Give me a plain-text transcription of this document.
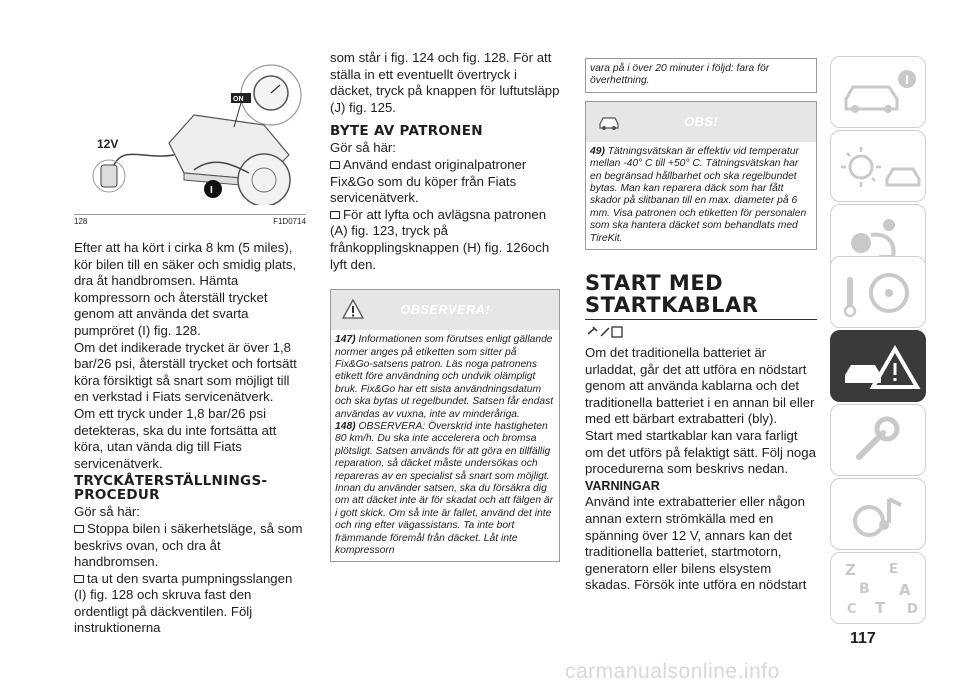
ON
12V
I
128	F1D0714

Efter att ha kört i cirka 8 km (5 miles), kör bilen till en säker och smidig plats, dra åt handbromsen. Hämta kompressorn och återställ trycket genom att använda det svarta pumpröret (I) fig. 128.

Om det indikerade trycket är över 1,8 bar/26 psi, återställ trycket och fortsätt köra försiktigt så snart som möjligt till en verkstad i Fiats servicenätverk.

Om ett tryck under 1,8 bar/26 psi detekteras, ska du inte fortsätta att köra, utan vända dig till Fiats servicenätverk.

TRYCKÅTERSTÄLLNINGS-PROCEDUR

Gör så här:

Stoppa bilen i säkerhetsläge, så som beskrivs ovan, och dra åt handbromsen.

ta ut den svarta pumpningsslangen (I) fig. 128 och skruva fast den ordentligt på däckventilen. Följ instruktionerna

som står i fig. 124 och fig. 128. För att ställa in ett eventuellt övertryck i däcket, tryck på knappen för luftutsläpp (J) fig. 125.

BYTE AV PATRONEN

Gör så här:

Använd endast originalpatroner Fix&Go som du köper från Fiats servicenätverk.

För att lyfta och avlägsna patronen (A) fig. 123, tryck på frånkopplingsknappen (H) fig. 126och lyft den.

OBSERVERA!
147) Informationen som förutses enligt gällande normer anges på etiketten som sitter på Fix&Go-satsens patron. Läs noga patronens etikett före användning och undvik olämpligt bruk. Fix&Go har ett sista användningsdatum och ska bytas ut regelbundet. Satsen får endast användas av vuxna, inte av minderåriga.
148) OBSERVERA: Överskrid inte hastigheten 80 km/h. Du ska inte accelerera och bromsa plötsligt. Satsen används för att göra en tillfällig reparation, så däcket måste undersökas och repareras av en specialist så snart som möjligt. Innan du använder satsen, ska du försäkra dig om att däcket inte är för skadat och att fälgen är i gott skick. Om så inte är fallet, använd det inte och ring efter vägassistans. Ta inte bort främmande föremål från däcket. Låt inte kompressorn
vara på i över 20 minuter i följd: fara för överhettning.
OBS!
49) Tätningsvätskan är effektiv vid temperatur mellan -40° C till +50° C. Tätningsvätskan har en begränsad hållbarhet och ska regelbundet bytas. Man kan reparera däck som har fått skador på slitbanan till en max. diameter på 6 mm. Visa patronen och etiketten för personalen som ska hantera däcket som behandlats med TireKit.
START MED
STARTKABLAR

Om det traditionella batteriet är urladdat, går det att utföra en nödstart genom att använda kablarna och det traditionella batteriet i en annan bil eller med ett bärbart extrabatteri (bly).

Start med startkablar kan vara farligt om det utförs på felaktigt sätt. Följ noga procedurerna som beskrivs nedan.

VARNINGAR

Använd inte extrabatterier eller någon annan extern strömkälla med en spänning över 12 V, annars kan det traditionella batteriet, startmotorn, generatorn eller bilens elsystem skadas. Försök inte utföra en nödstart

Z	E
B A
C T D
117
carmanualsonline.info
